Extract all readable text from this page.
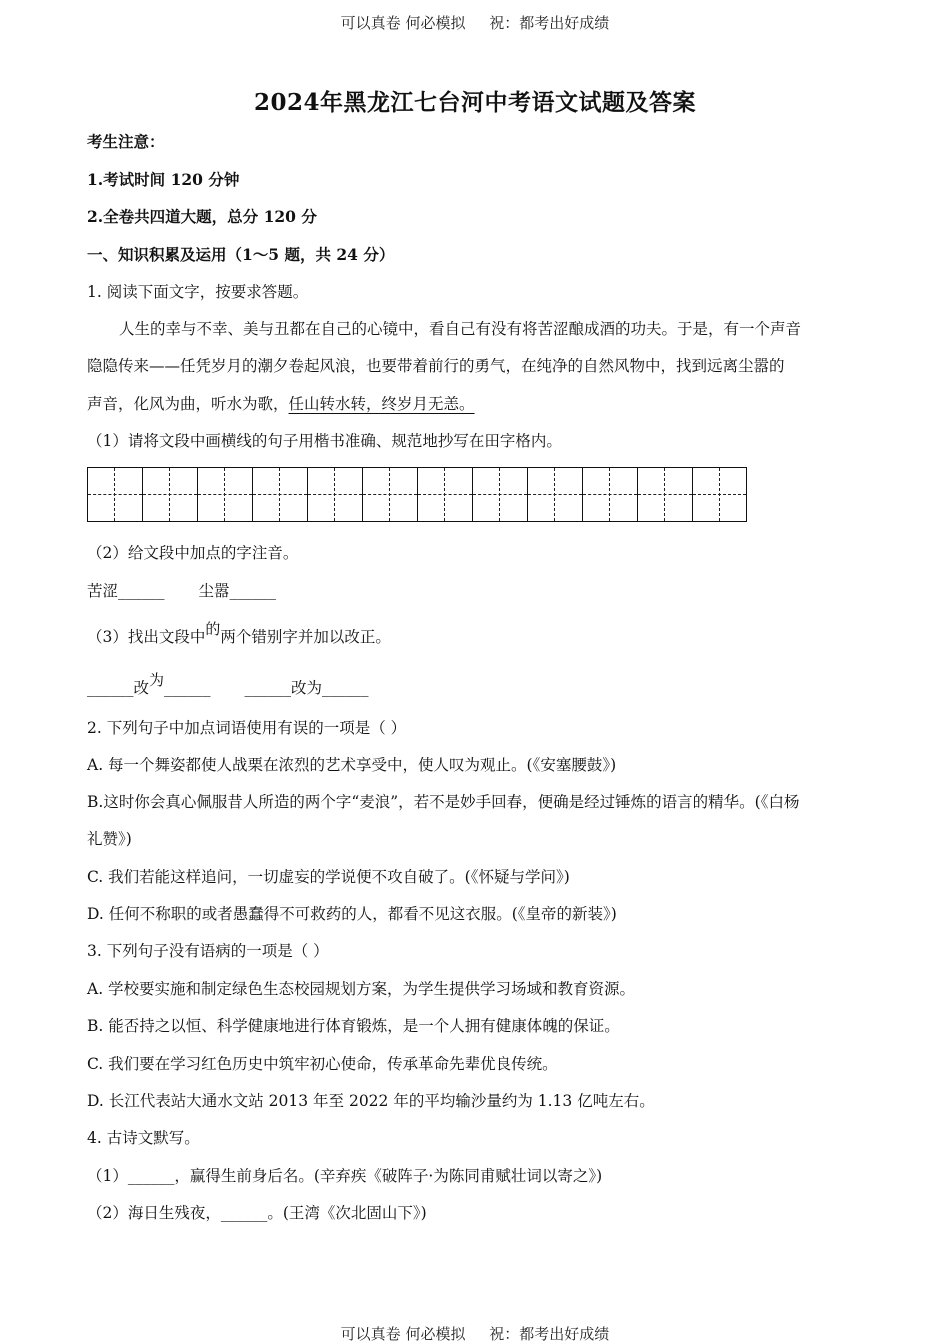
可以真卷 何必模拟 祝：都考出好成绩
2024年黑龙江七台河中考语文试题及答案
考生注意：
1.考试时间 120 分钟
2.全卷共四道大题，总分 120 分
一、知识积累及运用（1～5 题，共 24 分）
1. 阅读下面文字，按要求答题。
人生的幸与不幸、美与丑都在自己的心镜中，看自己有没有将苦涩酿成酒的功夫。于是，有一个声音
隐隐传来——任凭岁月的潮夕卷起风浪，也要带着前行的勇气，在纯净的自然风物中，找到远离尘嚣的
声音，化风为曲，听水为歌，任山转水转，终岁月无恙。
（1）请将文段中画横线的句子用楷书准确、规范地抄写在田字格内。
（2）给文段中加点的字注音。
苦涩______ 尘嚣______
（3）找出文段中的两个错别字并加以改正。
______改为______ ______改为______
2. 下列句子中加点词语使用有误的一项是（ ）
A. 每一个舞姿都使人战栗在浓烈的艺术享受中，使人叹为观止。(《安塞腰鼓》)
B.这时你会真心佩服昔人所造的两个字“麦浪”，若不是妙手回春，便确是经过锤炼的语言的精华。(《白杨
礼赞》)
C. 我们若能这样追问，一切虚妄的学说便不攻自破了。(《怀疑与学问》)
D. 任何不称职的或者愚蠢得不可救药的人，都看不见这衣服。(《皇帝的新装》)
3. 下列句子没有语病的一项是（ ）
A. 学校要实施和制定绿色生态校园规划方案，为学生提供学习场域和教育资源。
B. 能否持之以恒、科学健康地进行体育锻炼，是一个人拥有健康体魄的保证。
C. 我们要在学习红色历史中筑牢初心使命，传承革命先辈优良传统。
D. 长江代表站大通水文站 2013 年至 2022 年的平均输沙量约为 1.13 亿吨左右。
4. 古诗文默写。
（1）______，赢得生前身后名。(辛弃疾《破阵子·为陈同甫赋壮词以寄之》)
（2）海日生残夜，______。(王湾《次北固山下》)
可以真卷 何必模拟 祝：都考出好成绩
